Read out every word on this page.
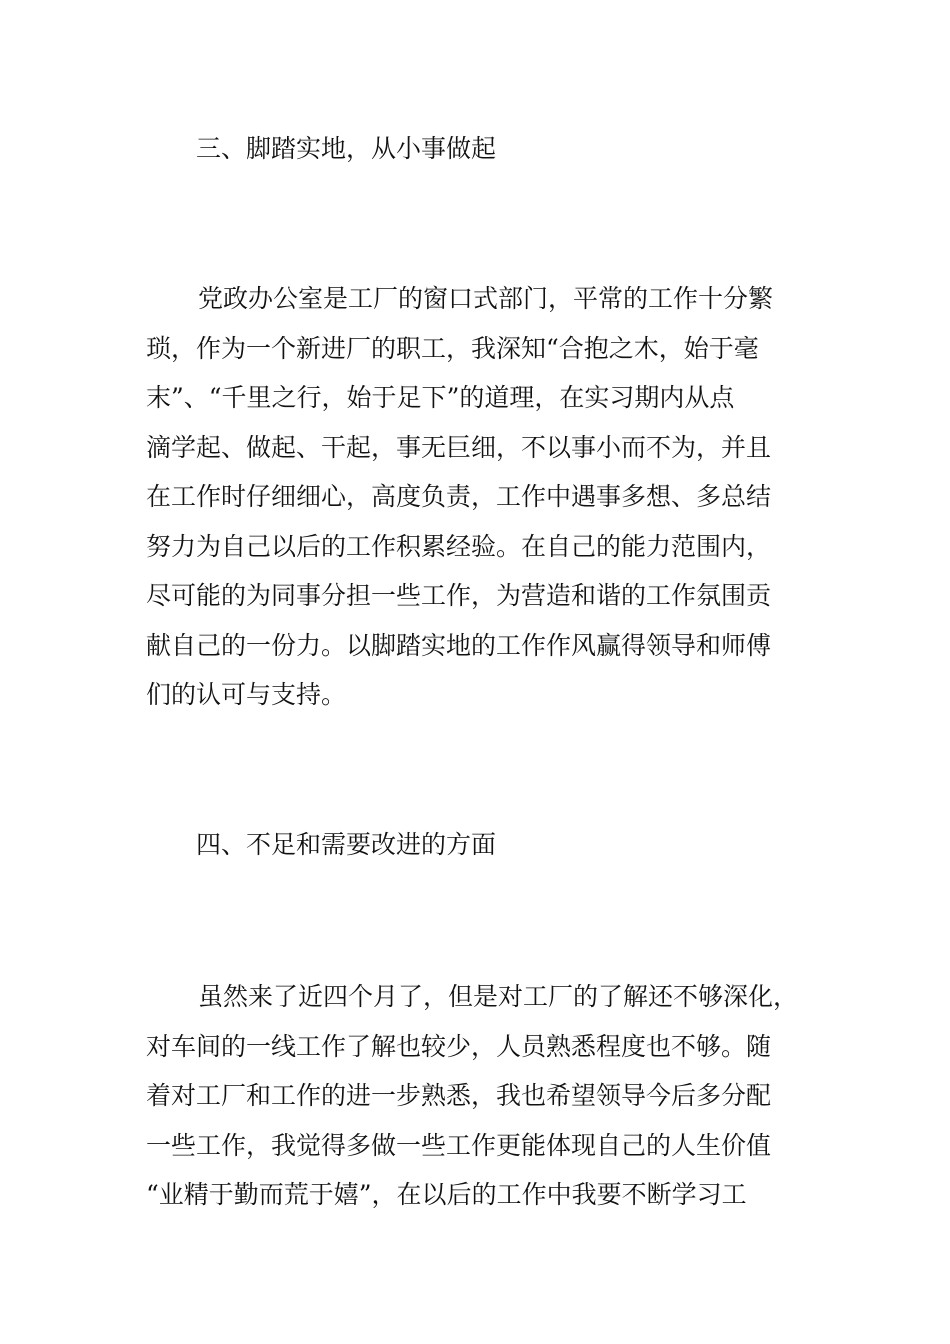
三、脚踏实地，从小事做起

党政办公室是工厂的窗口式部门，平常的工作十分繁

琐，作为一个新进厂的职工，我深知“合抱之木，始于毫

末”、“千里之行，始于足下”的道理，在实习期内从点

滴学起、做起、干起，事无巨细，不以事小而不为，并且

在工作时仔细细心，高度负责，工作中遇事多想、多总结

努力为自己以后的工作积累经验。在自己的能力范围内，

尽可能的为同事分担一些工作，为营造和谐的工作氛围贡

献自己的一份力。以脚踏实地的工作作风赢得领导和师傅

们的认可与支持。

四、不足和需要改进的方面

虽然来了近四个月了，但是对工厂的了解还不够深化，

对车间的一线工作了解也较少，人员熟悉程度也不够。随

着对工厂和工作的进一步熟悉，我也希望领导今后多分配

一些工作，我觉得多做一些工作更能体现自己的人生价值

“业精于勤而荒于嬉”，在以后的工作中我要不断学习工
